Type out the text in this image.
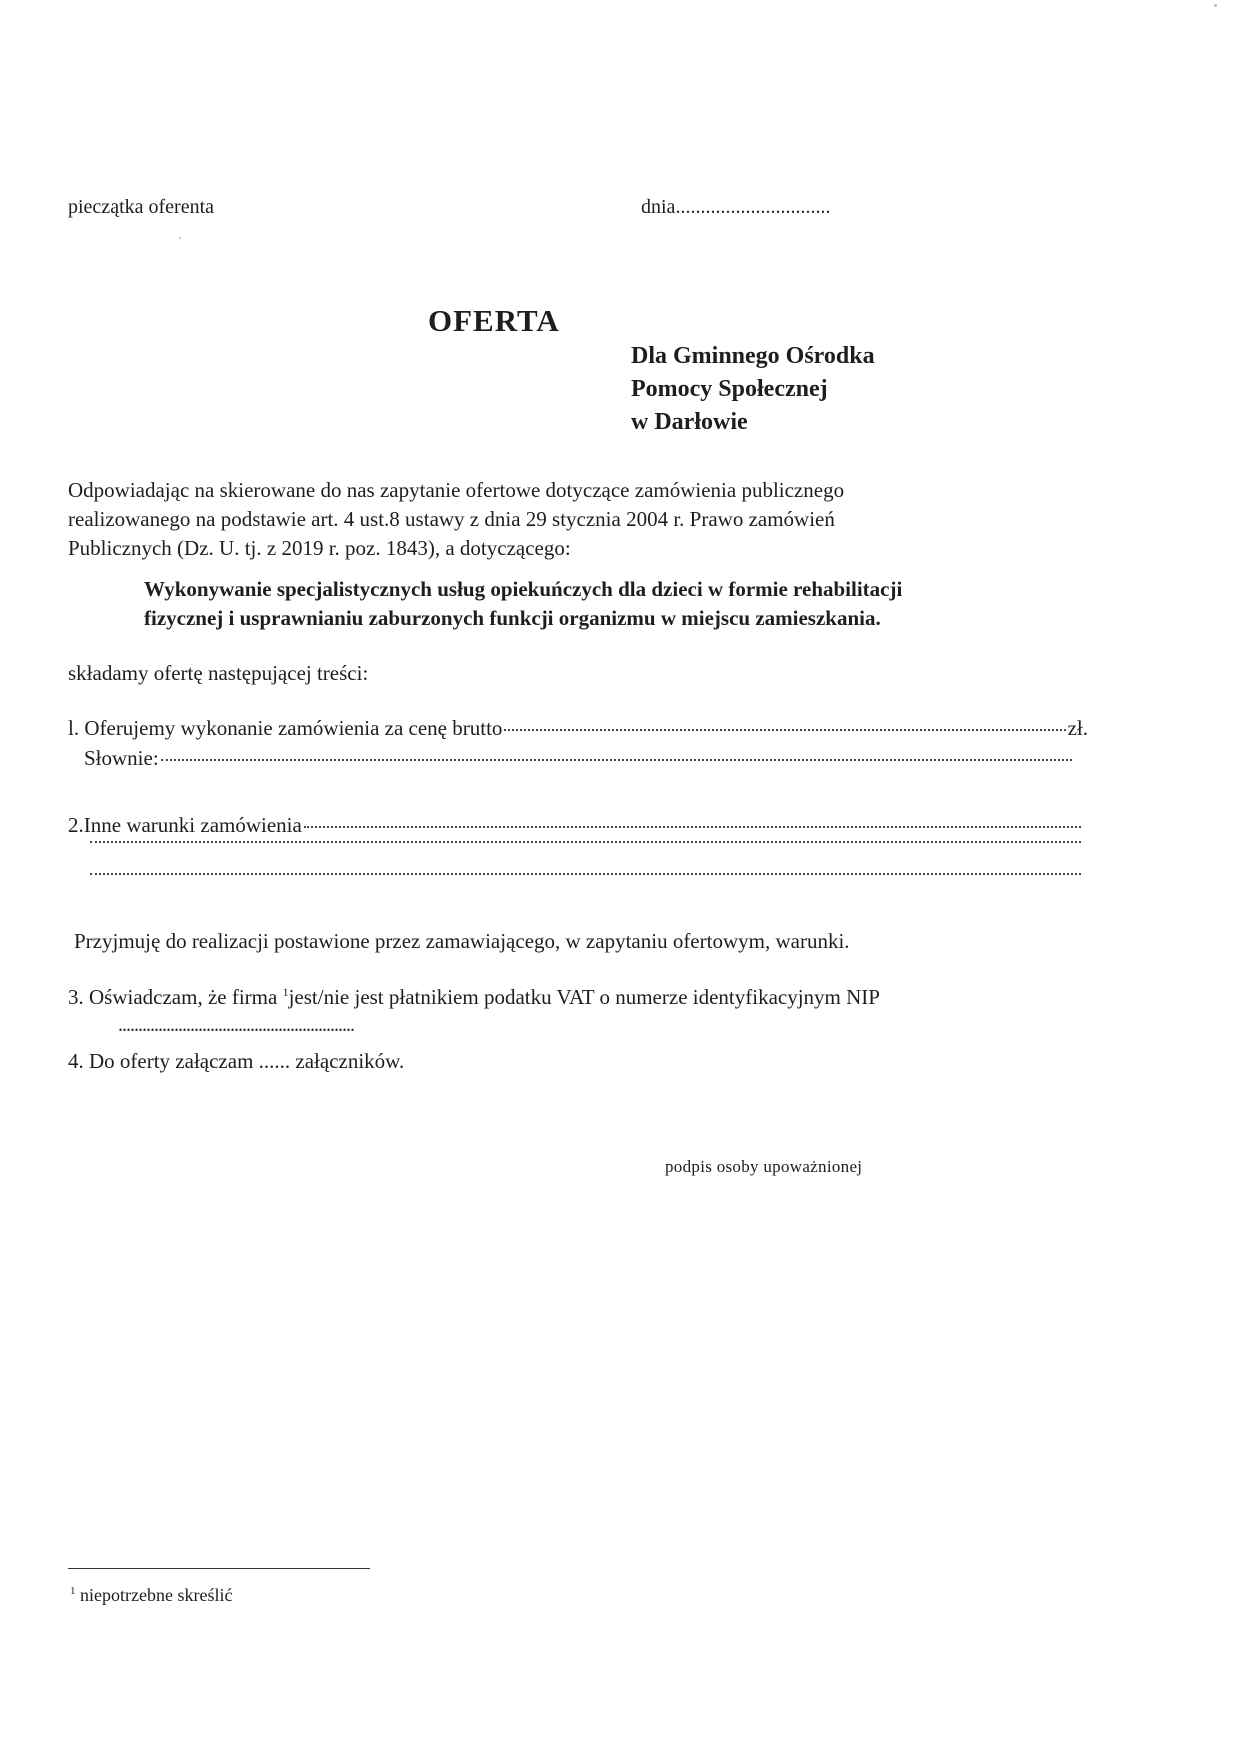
pieczątka oferenta	dnia...............................
OFERTA
Dla Gminnego Ośrodka
Pomocy Społecznej
w Darłowie
Odpowiadając na skierowane do nas zapytanie ofertowe dotyczące zamówienia publicznego
realizowanego na podstawie art. 4 ust.8 ustawy z dnia 29 stycznia 2004 r. Prawo zamówień
Publicznych (Dz. U. tj. z 2019 r. poz. 1843), a dotyczącego:
Wykonywanie specjalistycznych usług opiekuńczych dla dzieci w formie rehabilitacji
fizycznej i usprawnianiu zaburzonych funkcji organizmu w miejscu zamieszkania.
składamy ofertę następującej treści:
l. Oferujemy wykonanie zamówienia za cenę brutto	zł.
Słownie:
2.Inne warunki zamówienia
Przyjmuję do realizacji postawione przez zamawiającego, w zapytaniu ofertowym, warunki.
3. Oświadczam, że firma $^1$jest/nie jest płatnikiem podatku VAT o numerze identyfikacyjnym NIP
...........................................................
4. Do oferty załączam ...... załączników.
podpis osoby upoważnionej
$^1$ niepotrzebne skreślić
